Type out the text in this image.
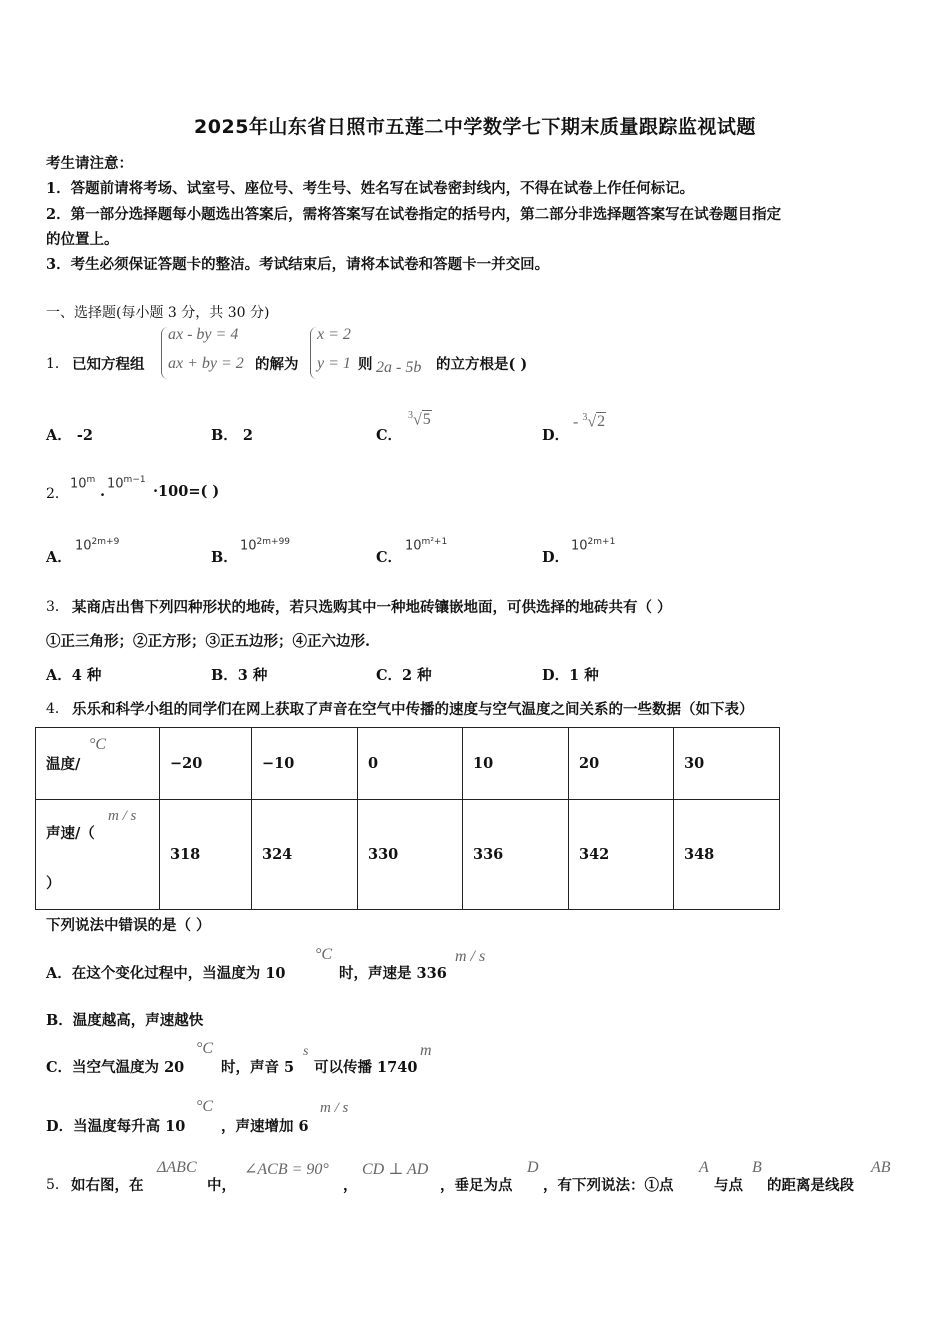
2025年山东省日照市五莲二中学数学七下期末质量跟踪监视试题
考生请注意：
1．答题前请将考场、试室号、座位号、考生号、姓名写在试卷密封线内，不得在试卷上作任何标记。
2．第一部分选择题每小题选出答案后，需将答案写在试卷指定的括号内，第二部分非选择题答案写在试卷题目指定
的位置上。
3．考生必须保证答题卡的整洁。考试结束后，请将本试卷和答题卡一并交回。
一、选择题(每小题 3 分，共 30 分)
1． 已知方程组
ax - by = 4
ax + by = 2 的解为
x = 2
y = 1 则 2a - 5b 的立方根是( )
A． -2	B． 2	C．
$^3$√5
D．
- $^3$√2
2．
10$^m$
. $10^{m-1}$
·100=( )
A．
$10^{2m+9}$
B．
$10^{2m+99}$
C．
$10^{m^2+1}$
D．
$10^{2m+1}$
3． 某商店出售下列四种形状的地砖，若只选购其中一种地砖镶嵌地面，可供选择的地砖共有（ ）
①正三角形；②正方形；③正五边形；④正六边形.
A．4 种	B．3 种	C．2 种	D．1 种
4． 乐乐和科学小组的同学们在网上获取了声音在空气中传播的速度与空气温度之间关系的一些数据（如下表）
温度/
°C	−20	−10	0	10	20	30

声速/（
m / s
）	318	324	330	336	342	348
下列说法中错误的是（ ）
A．在这个变化过程中，当温度为 10
°C
时，声速是 336
m / s
B．温度越高，声速越快
C．当空气温度为 20
°C
时，声音 5
s
可以传播 1740
m
D．当温度每升高 10
°C
，声速增加 6
m / s
5． 如右图，在
ΔABC
中，
∠ACB = 90°
，
CD ⊥ AD
，垂足为点
D
，有下列说法：①点
A
与点
B
的距离是线段
AB
